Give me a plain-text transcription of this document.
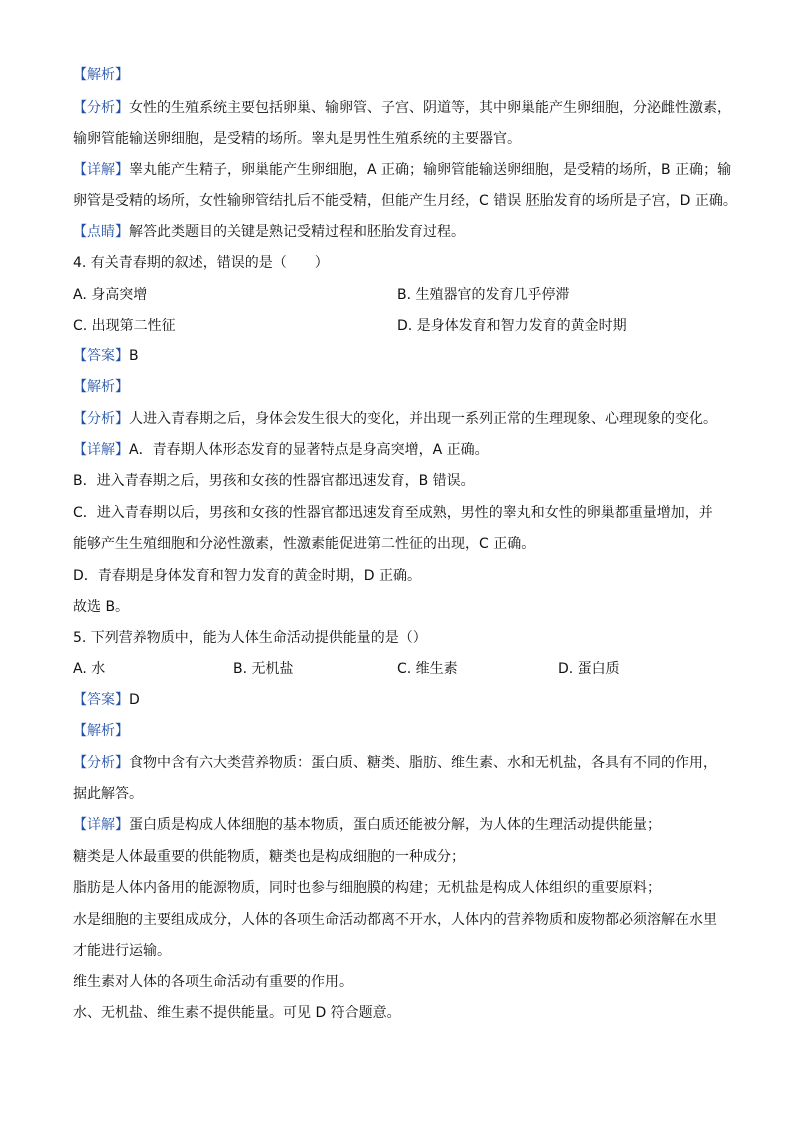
【解析】
【分析】女性的生殖系统主要包括卵巢、输卵管、子宫、阴道等，其中卵巢能产生卵细胞，分泌雌性激素，
输卵管能输送卵细胞，是受精的场所。睾丸是男性生殖系统的主要器官。
【详解】睾丸能产生精子，卵巢能产生卵细胞，A 正确；输卵管能输送卵细胞，是受精的场所，B 正确；输
卵管是受精的场所，女性输卵管结扎后不能受精，但能产生月经，C 错误 胚胎发育的场所是子宫，D 正确。
【点睛】解答此类题目的关键是熟记受精过程和胚胎发育过程。
4. 有关青春期的叙述，错误的是（　　）
A. 身高突增	B. 生殖器官的发育几乎停滞
C. 出现第二性征	D. 是身体发育和智力发育的黄金时期
【答案】B
【解析】
【分析】人进入青春期之后，身体会发生很大的变化，并出现一系列正常的生理现象、心理现象的变化。
【详解】A．青春期人体形态发育的显著特点是身高突增，A 正确。
B．进入青春期之后，男孩和女孩的性器官都迅速发育，B 错误。
C．进入青春期以后，男孩和女孩的性器官都迅速发育至成熟，男性的睾丸和女性的卵巢都重量增加，并
能够产生生殖细胞和分泌性激素，性激素能促进第二性征的出现，C 正确。
D．青春期是身体发育和智力发育的黄金时期，D 正确。
故选 B。
5. 下列营养物质中，能为人体生命活动提供能量的是（）
A. 水	B. 无机盐	C. 维生素	D. 蛋白质
【答案】D
【解析】
【分析】食物中含有六大类营养物质：蛋白质、糖类、脂肪、维生素、水和无机盐，各具有不同的作用，
据此解答。
【详解】蛋白质是构成人体细胞的基本物质，蛋白质还能被分解，为人体的生理活动提供能量；
糖类是人体最重要的供能物质，糖类也是构成细胞的一种成分；
脂肪是人体内备用的能源物质，同时也参与细胞膜的构建；无机盐是构成人体组织的重要原料；
水是细胞的主要组成成分，人体的各项生命活动都离不开水，人体内的营养物质和废物都必须溶解在水里
才能进行运输。
维生素对人体的各项生命活动有重要的作用。
水、无机盐、维生素不提供能量。可见 D 符合题意。
